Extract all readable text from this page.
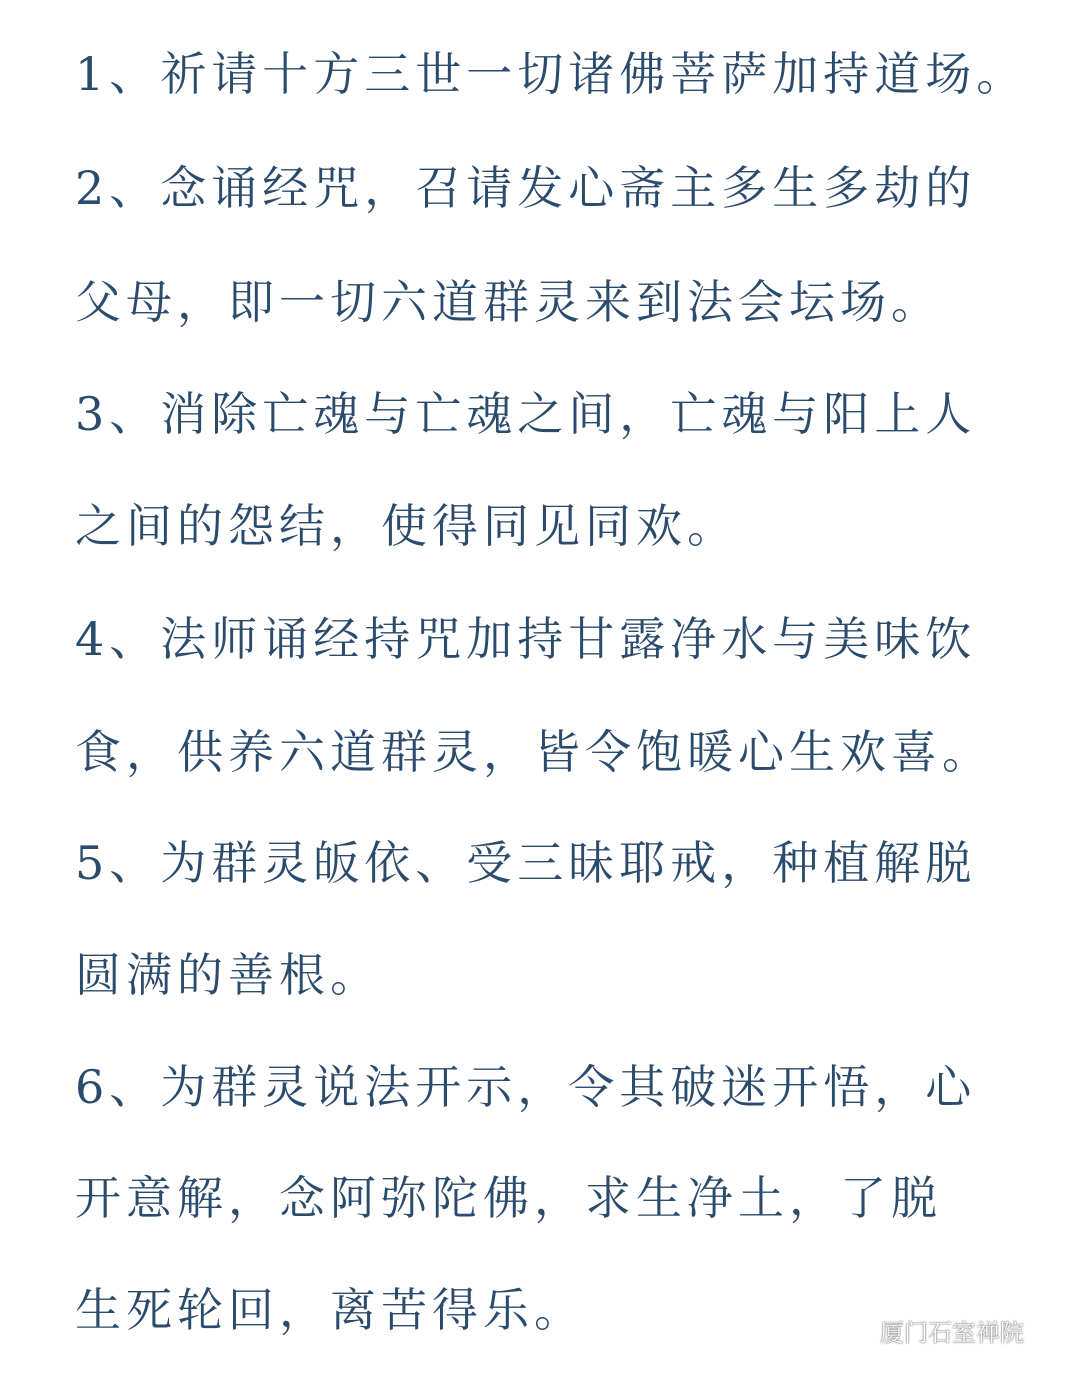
1、祈请十方三世一切诸佛菩萨加持道场。

2、念诵经咒，召请发心斋主多生多劫的

父母，即一切六道群灵来到法会坛场。

3、消除亡魂与亡魂之间，亡魂与阳上人

之间的怨结，使得同见同欢。

4、法师诵经持咒加持甘露净水与美味饮

食，供养六道群灵，皆令饱暖心生欢喜。

5、为群灵皈依、受三昧耶戒，种植解脱

圆满的善根。

6、为群灵说法开示，令其破迷开悟，心

开意解，念阿弥陀佛，求生净土，了脱

生死轮回，离苦得乐。	厦门石室禅院
